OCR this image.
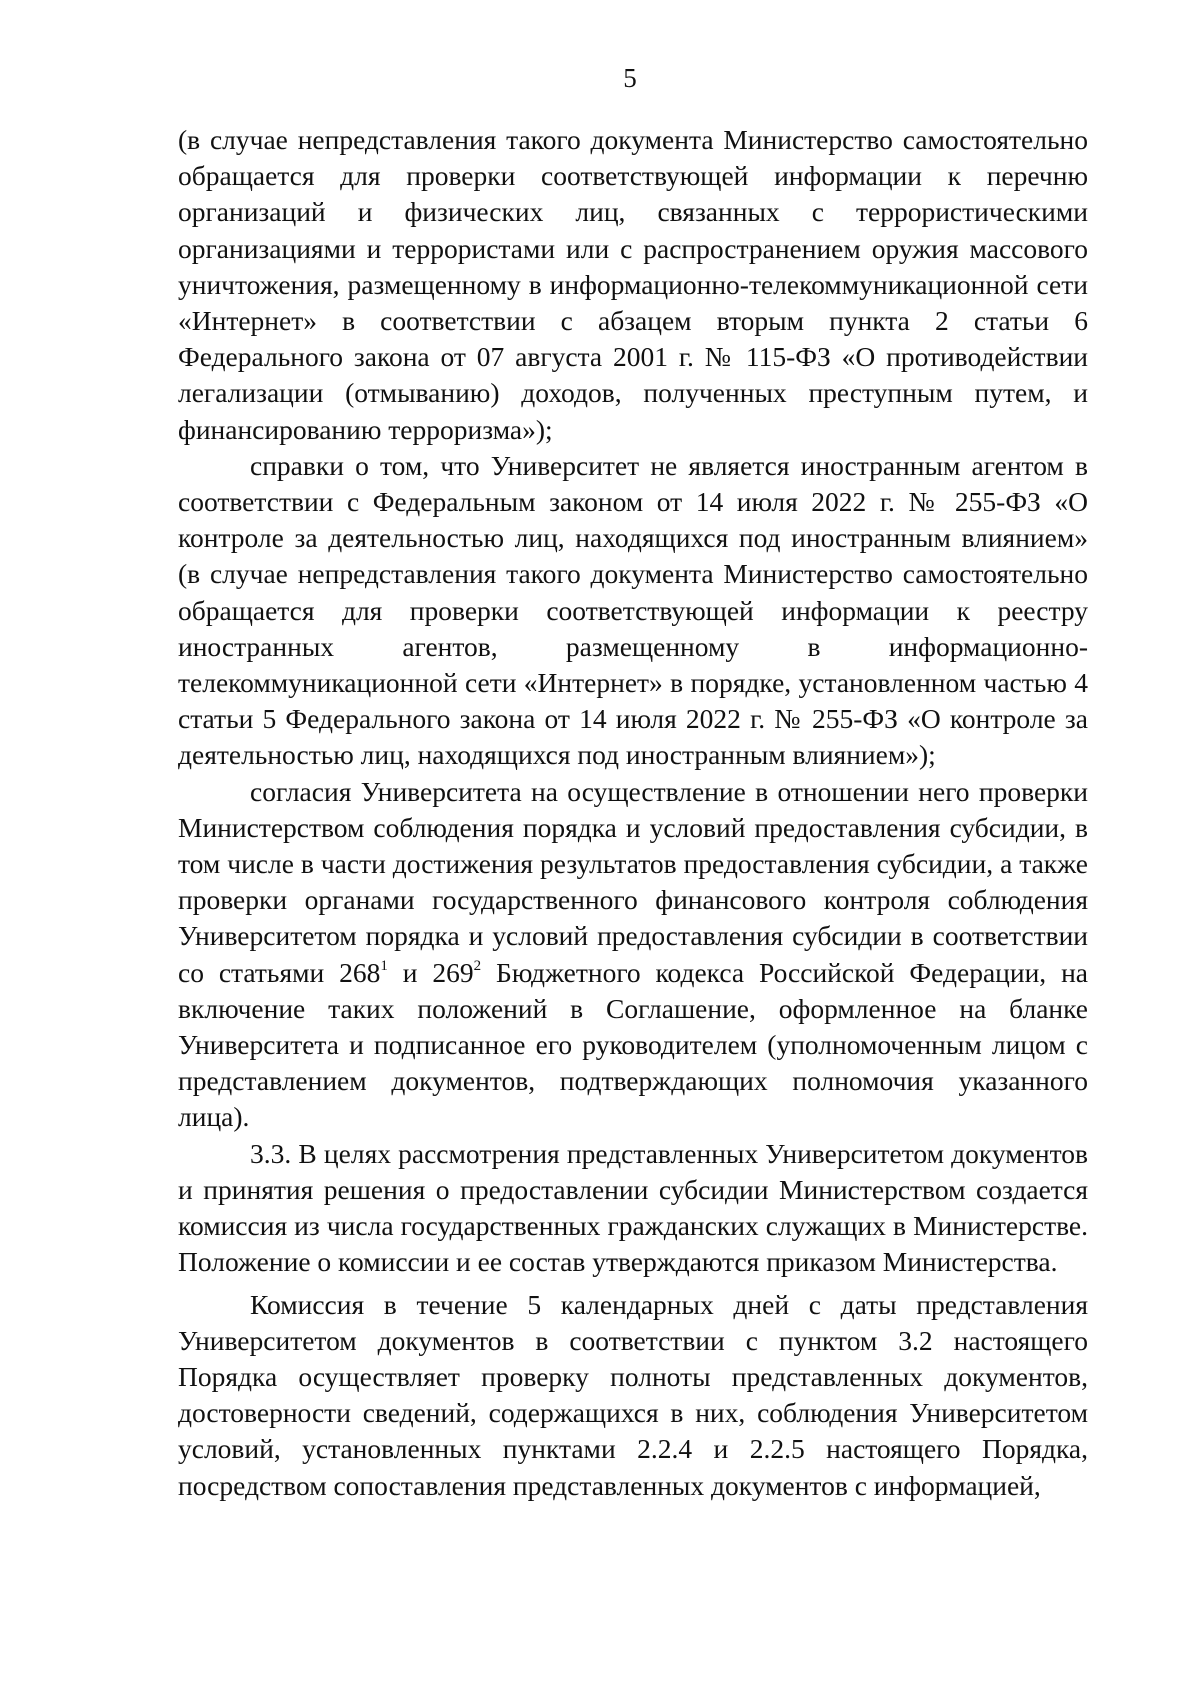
5

(в случае непредставления такого документа Министерство самостоятельно обращается для проверки соответствующей информации к перечню организаций и физических лиц, связанных с террористическими организациями и террористами или с распространением оружия массового уничтожения, размещенному в информационно-телекоммуникационной сети «Интернет» в соответствии с абзацем вторым пункта 2 статьи 6 Федерального закона от 07 августа 2001 г. № 115-ФЗ «О противодействии легализации (отмыванию) доходов, полученных преступным путем, и финансированию терроризма»);

справки о том, что Университет не является иностранным агентом в соответствии с Федеральным законом от 14 июля 2022 г. № 255-ФЗ «О контроле за деятельностью лиц, находящихся под иностранным влиянием» (в случае непредставления такого документа Министерство самостоятельно обращается для проверки соответствующей информации к реестру иностранных агентов, размещенному в информационно-телекоммуникационной сети «Интернет» в порядке, установленном частью 4 статьи 5 Федерального закона от 14 июля 2022 г. № 255-ФЗ «О контроле за деятельностью лиц, находящихся под иностранным влиянием»);

согласия Университета на осуществление в отношении него проверки Министерством соблюдения порядка и условий предоставления субсидии, в том числе в части достижения результатов предоставления субсидии, а также проверки органами государственного финансового контроля соблюдения Университетом порядка и условий предоставления субсидии в соответствии со статьями $268^1$ и $269^2$ Бюджетного кодекса Российской Федерации, на включение таких положений в Соглашение, оформленное на бланке Университета и подписанное его руководителем (уполномоченным лицом с представлением документов, подтверждающих полномочия указанного лица).

3.3. В целях рассмотрения представленных Университетом документов и принятия решения о предоставлении субсидии Министерством создается комиссия из числа государственных гражданских служащих в Министерстве. Положение о комиссии и ее состав утверждаются приказом Министерства.

Комиссия в течение 5 календарных дней с даты представления Университетом документов в соответствии с пунктом 3.2 настоящего Порядка осуществляет проверку полноты представленных документов, достоверности сведений, содержащихся в них, соблюдения Университетом условий, установленных пунктами 2.2.4 и 2.2.5 настоящего Порядка, посредством сопоставления представленных документов с информацией,
